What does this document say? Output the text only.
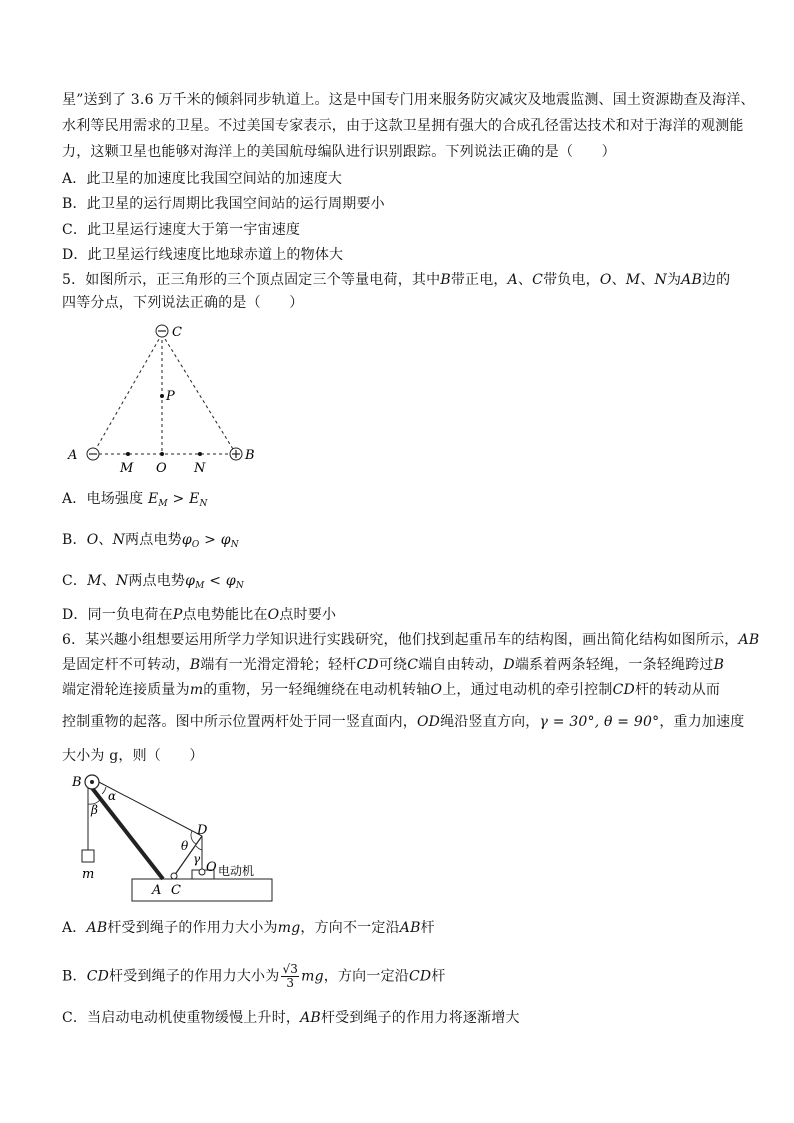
星”送到了 3.6 万千米的倾斜同步轨道上。这是中国专门用来服务防灾减灾及地震监测、国土资源勘查及海洋、
水利等民用需求的卫星。不过美国专家表示，由于这款卫星拥有强大的合成孔径雷达技术和对于海洋的观测能
力，这颗卫星也能够对海洋上的美国航母编队进行识别跟踪。下列说法正确的是（　　）
A．此卫星的加速度比我国空间站的加速度大
B．此卫星的运行周期比我国空间站的运行周期要小
C．此卫星运行速度大于第一宇宙速度
D．此卫星运行线速度比地球赤道上的物体大
5．如图所示，正三角形的三个顶点固定三个等量电荷，其中B带正电，A、C带负电，O、M、N为AB边的
四等分点，下列说法正确的是（　　）
C
A	B
P
M O N
A．电场强度 $E_M > E_N$
B．O、N两点电势$\varphi_O > \varphi_N$
C．M、N两点电势$\varphi_M < \varphi_N$
D．同一负电荷在P点电势能比在O点时要小
6．某兴趣小组想要运用所学力学知识进行实践研究，他们找到起重吊车的结构图，画出简化结构如图所示，AB
是固定杆不可转动，B端有一光滑定滑轮；轻杆CD可绕C端自由转动，D端系着两条轻绳，一条轻绳跨过B
端定滑轮连接质量为m的重物，另一轻绳缠绕在电动机转轴O上，通过电动机的牵引控制CD杆的转动从而
控制重物的起落。图中所示位置两杆处于同一竖直面内，OD绳沿竖直方向，γ = 30°, θ = 90°，重力加速度
大小为 g，则（　　）
B
α
β
D
θ
γ
O 电动机
m
A C
A．AB杆受到绳子的作用力大小为mg，方向不一定沿AB杆
B．CD杆受到绳子的作用力大小为 $\frac{√3}{3}$ mg，方向一定沿CD杆
C．当启动电动机使重物缓慢上升时，AB杆受到绳子的作用力将逐渐增大
